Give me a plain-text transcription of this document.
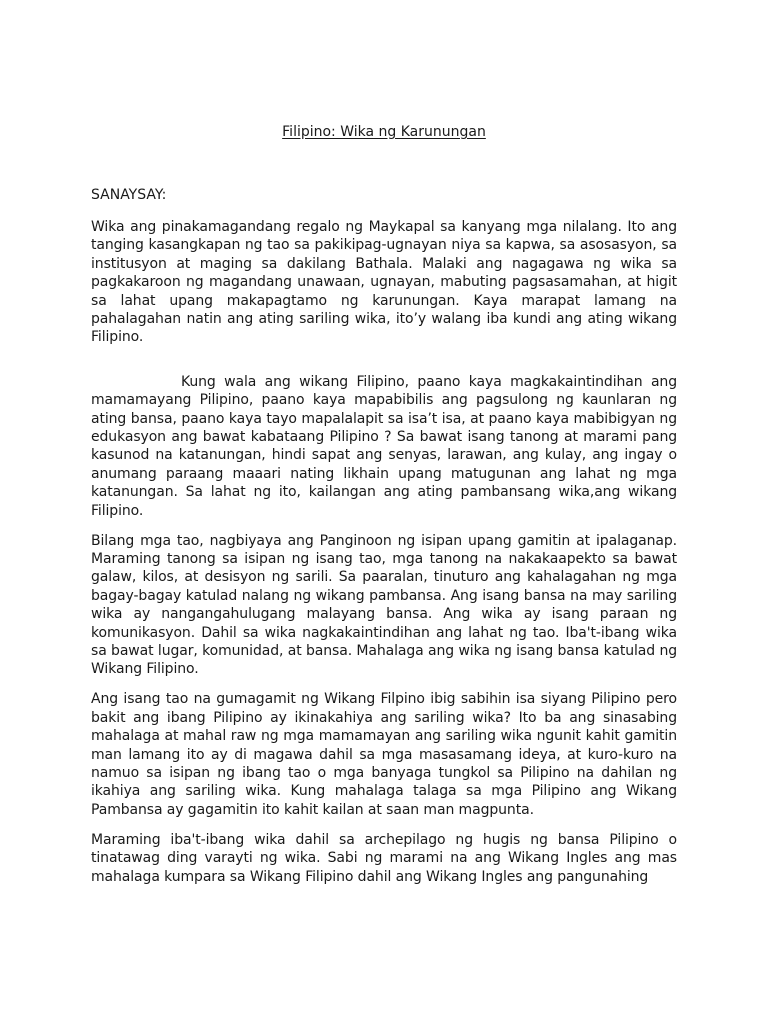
Filipino: Wika ng Karunungan
SANAYSAY:

Wika ang pinakamagandang regalo ng Maykapal sa kanyang mga nilalang. Ito ang tanging kasangkapan ng tao sa pakikipag-ugnayan niya sa kapwa, sa asosasyon, sa institusyon at maging sa dakilang Bathala. Malaki ang nagagawa ng wika sa pagkakaroon ng magandang unawaan, ugnayan, mabuting pagsasamahan, at higit sa lahat upang makapagtamo ng karunungan. Kaya marapat lamang na pahalagahan natin ang ating sariling wika, ito’y walang iba kundi ang ating wikang Filipino.

Kung wala ang wikang Filipino, paano kaya magkakaintindihan ang mamamayang Pilipino, paano kaya mapabibilis ang pagsulong ng kaunlaran ng ating bansa, paano kaya tayo mapalalapit sa isa’t isa, at paano kaya mabibigyan ng edukasyon ang bawat kabataang Pilipino ? Sa bawat isang tanong at marami pang kasunod na katanungan, hindi sapat ang senyas, larawan, ang kulay, ang ingay o anumang paraang maaari nating likhain upang matugunan ang lahat ng mga katanungan. Sa lahat ng ito, kailangan ang ating pambansang wika,ang wikang Filipino.

Bilang mga tao, nagbiyaya ang Panginoon ng isipan upang gamitin at ipalaganap. Maraming tanong sa isipan ng isang tao, mga tanong na nakakaapekto sa bawat galaw, kilos, at desisyon ng sarili. Sa paaralan, tinuturo ang kahalagahan ng mga bagay-bagay katulad nalang ng wikang pambansa. Ang isang bansa na may sariling wika ay nangangahulugang malayang bansa. Ang wika ay isang paraan ng komunikasyon. Dahil sa wika nagkakaintindihan ang lahat ng tao. Iba't-ibang wika sa bawat lugar, komunidad, at bansa. Mahalaga ang wika ng isang bansa katulad ng Wikang Filipino.

Ang isang tao na gumagamit ng Wikang Filpino ibig sabihin isa siyang Pilipino pero bakit ang ibang Pilipino ay ikinakahiya ang sariling wika? Ito ba ang sinasabing mahalaga at mahal raw ng mga mamamayan ang sariling wika ngunit kahit gamitin man lamang ito ay di magawa dahil sa mga masasamang ideya, at kuro-kuro na namuo sa isipan ng ibang tao o mga banyaga tungkol sa Pilipino na dahilan ng ikahiya ang sariling wika. Kung mahalaga talaga sa mga Pilipino ang Wikang Pambansa ay gagamitin ito kahit kailan at saan man magpunta.

Maraming iba't-ibang wika dahil sa archepilago ng hugis ng bansa Pilipino o tinatawag ding varayti ng wika. Sabi ng marami na ang Wikang Ingles ang mas mahalaga kumpara sa Wikang Filipino dahil ang Wikang Ingles ang pangunahing
